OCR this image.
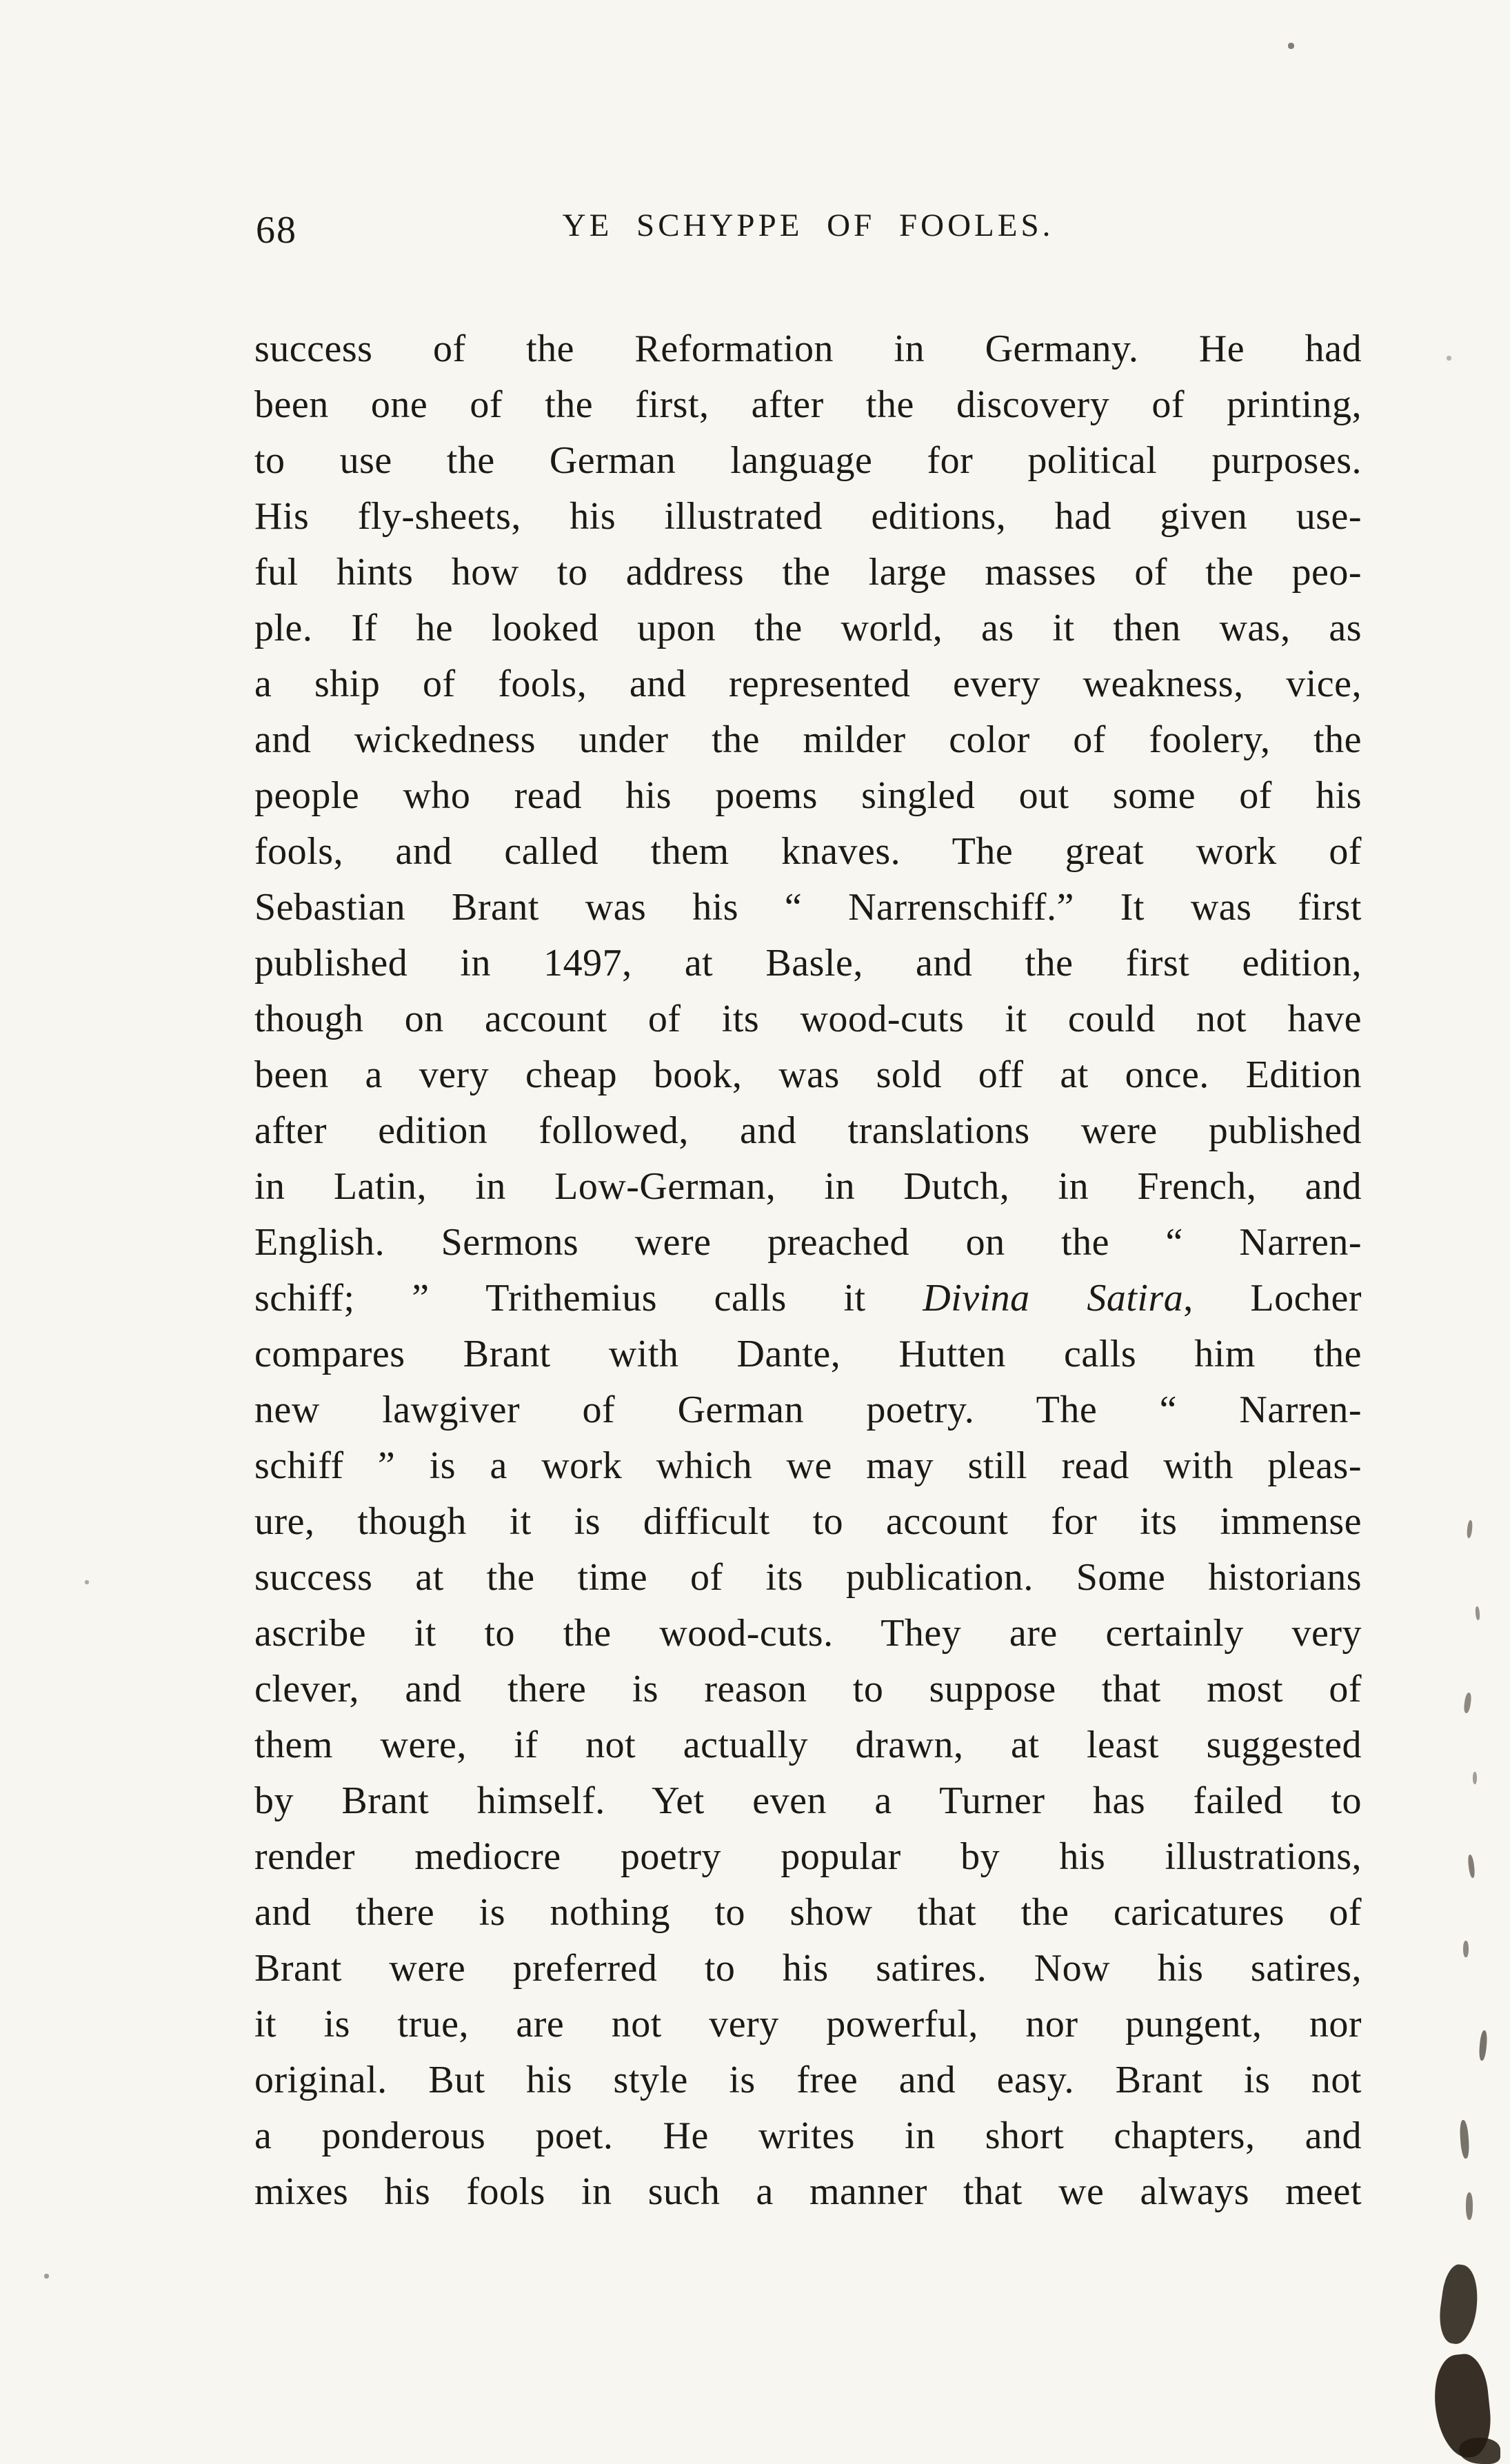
68	YE SCHYPPE OF FOOLES.
success of the Reformation in Germany. He had
been one of the first, after the discovery of printing,
to use the German language for political purposes.
His fly-sheets, his illustrated editions, had given use-
ful hints how to address the large masses of the peo-
ple. If he looked upon the world, as it then was, as
a ship of fools, and represented every weakness, vice,
and wickedness under the milder color of foolery, the
people who read his poems singled out some of his
fools, and called them knaves. The great work of
Sebastian Brant was his “ Narrenschiff.” It was first
published in 1497, at Basle, and the first edition,
though on account of its wood-cuts it could not have
been a very cheap book, was sold off at once. Edition
after edition followed, and translations were published
in Latin, in Low-German, in Dutch, in French, and
English. Sermons were preached on the “ Narren-
schiff; ” Trithemius calls it Divina Satira, Locher
compares Brant with Dante, Hutten calls him the
new lawgiver of German poetry. The “ Narren-
schiff ” is a work which we may still read with pleas-
ure, though it is difficult to account for its immense
success at the time of its publication. Some historians
ascribe it to the wood-cuts. They are certainly very
clever, and there is reason to suppose that most of
them were, if not actually drawn, at least suggested
by Brant himself. Yet even a Turner has failed to
render mediocre poetry popular by his illustrations,
and there is nothing to show that the caricatures of
Brant were preferred to his satires. Now his satires,
it is true, are not very powerful, nor pungent, nor
original. But his style is free and easy. Brant is not
a ponderous poet. He writes in short chapters, and
mixes his fools in such a manner that we always meet
